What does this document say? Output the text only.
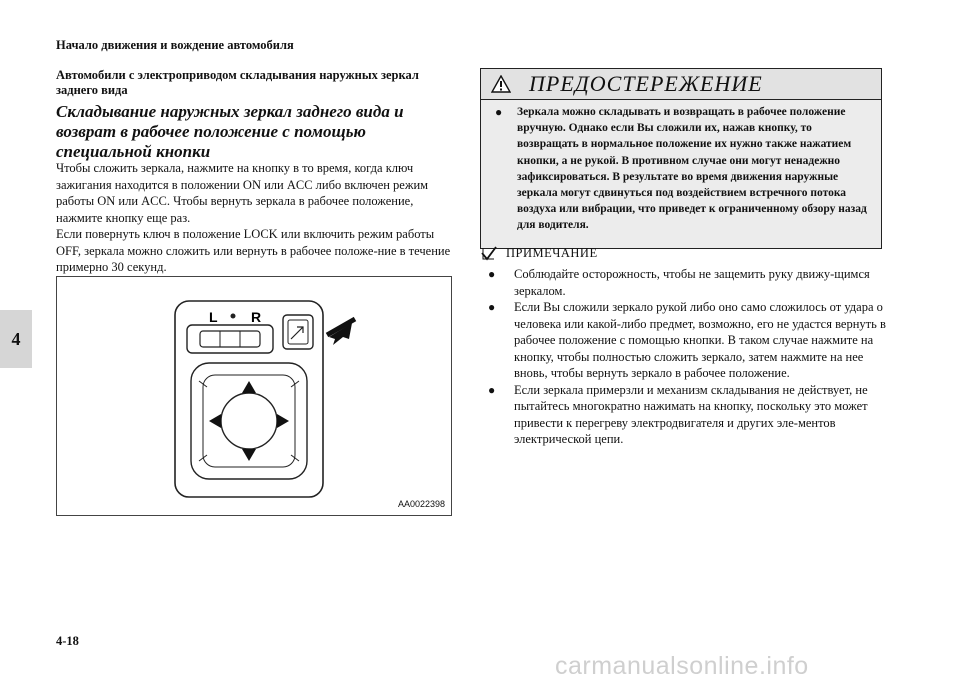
Начало движения и вождение автомобиля
4
Автомобили с электроприводом складывания наружных зеркал заднего вида
Складывание наружных зеркал заднего вида и возврат в рабочее положение с помощью специальной кнопки

Чтобы сложить зеркала, нажмите на кнопку в то время, когда ключ зажигания находится в положении ON или ACC либо включен режим работы ON или ACC. Чтобы вернуть зеркала в рабочее положение, нажмите кнопку еще раз.

Если повернуть ключ в положение LOCK или включить режим работы OFF, зеркала можно сложить или вернуть в рабочее положе-ние в течение примерно 30 секунд.

L R
AA0022398
ПРЕДОСТЕРЕЖЕНИЕ
●	Зеркала можно складывать и возвращать в рабочее положение вручную. Однако если Вы сложили их, нажав кнопку, то возвращать в нормальное положение их нужно также нажатием кнопки, а не рукой. В противном случае они могут ненадежно зафиксироваться. В результате во время движения наружные зеркала могут сдвинуться под воздействием встречного потока воздуха или вибрации, что приведет к ограниченному обзору назад для водителя.
ПРИМЕЧАНИЕ
●	Соблюдайте осторожность, чтобы не защемить руку движу-щимся зеркалом.
●	Если Вы сложили зеркало рукой либо оно само сложилось от удара о человека или какой-либо предмет, возможно, его не удастся вернуть в рабочее положение с помощью кнопки. В таком случае нажмите на кнопку, чтобы полностью сложить зеркало, затем нажмите на нее вновь, чтобы вернуть зеркало в рабочее положение.
●	Если зеркала примерзли и механизм складывания не действует, не пытайтесь многократно нажимать на кнопку, поскольку это может привести к перегреву электродвигателя и других эле-ментов электрической цепи.
4-18
carmanualsonline.info
